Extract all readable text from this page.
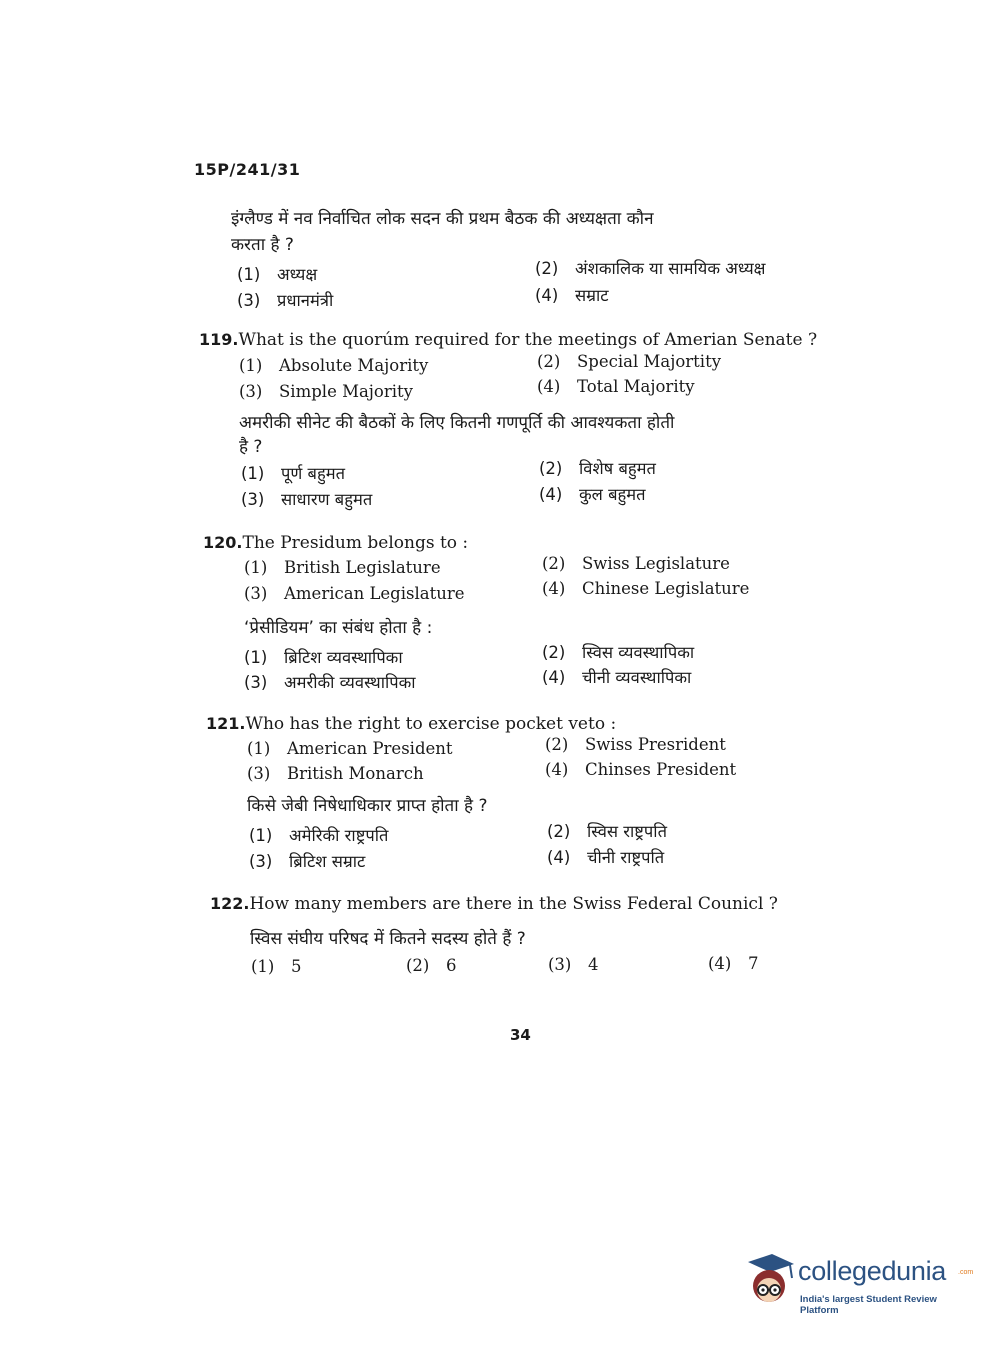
15P/241/31
इंग्लैण्ड में नव निर्वाचित लोक सदन की प्रथम बैठक की अध्यक्षता कौन
करता है ?
(1) अध्यक्ष	(2) अंशकालिक या सामयिक अध्यक्ष
(3) प्रधानमंत्री	(4) सम्राट
119.What is the quorúm required for the meetings of Amerian Senate ?
(1) Absolute Majority	(2) Special Majortity
(3) Simple Majority	(4) Total Majority
अमरीकी सीनेट की बैठकों के लिए कितनी गणपूर्ति की आवश्यकता होती
है ?
(1) पूर्ण बहुमत	(2) विशेष बहुमत
(3) साधारण बहुमत	(4) कुल बहुमत
120.The Presidum belongs to :
(1) British Legislature	(2) Swiss Legislature
(3) American Legislature	(4) Chinese Legislature
‘प्रेसीडियम’ का संबंध होता है :
(1) ब्रिटिश व्यवस्थापिका	(2) स्विस व्यवस्थापिका
(3) अमरीकी व्यवस्थापिका	(4) चीनी व्यवस्थापिका
121.Who has the right to exercise pocket veto :
(1) American President	(2) Swiss Presrident
(3) British Monarch	(4) Chinses President
किसे जेबी निषेधाधिकार प्राप्त होता है ?
(1) अमेरिकी राष्ट्रपति	(2) स्विस राष्ट्रपति
(3) ब्रिटिश सम्राट	(4) चीनी राष्ट्रपति
122.How many members are there in the Swiss Federal Counicl ?
स्विस संघीय परिषद में कितने सदस्य होते हैं ?
(1) 5	(2) 6	(3) 4	(4) 7
34
collegedunia .com
India's largest Student Review Platform
